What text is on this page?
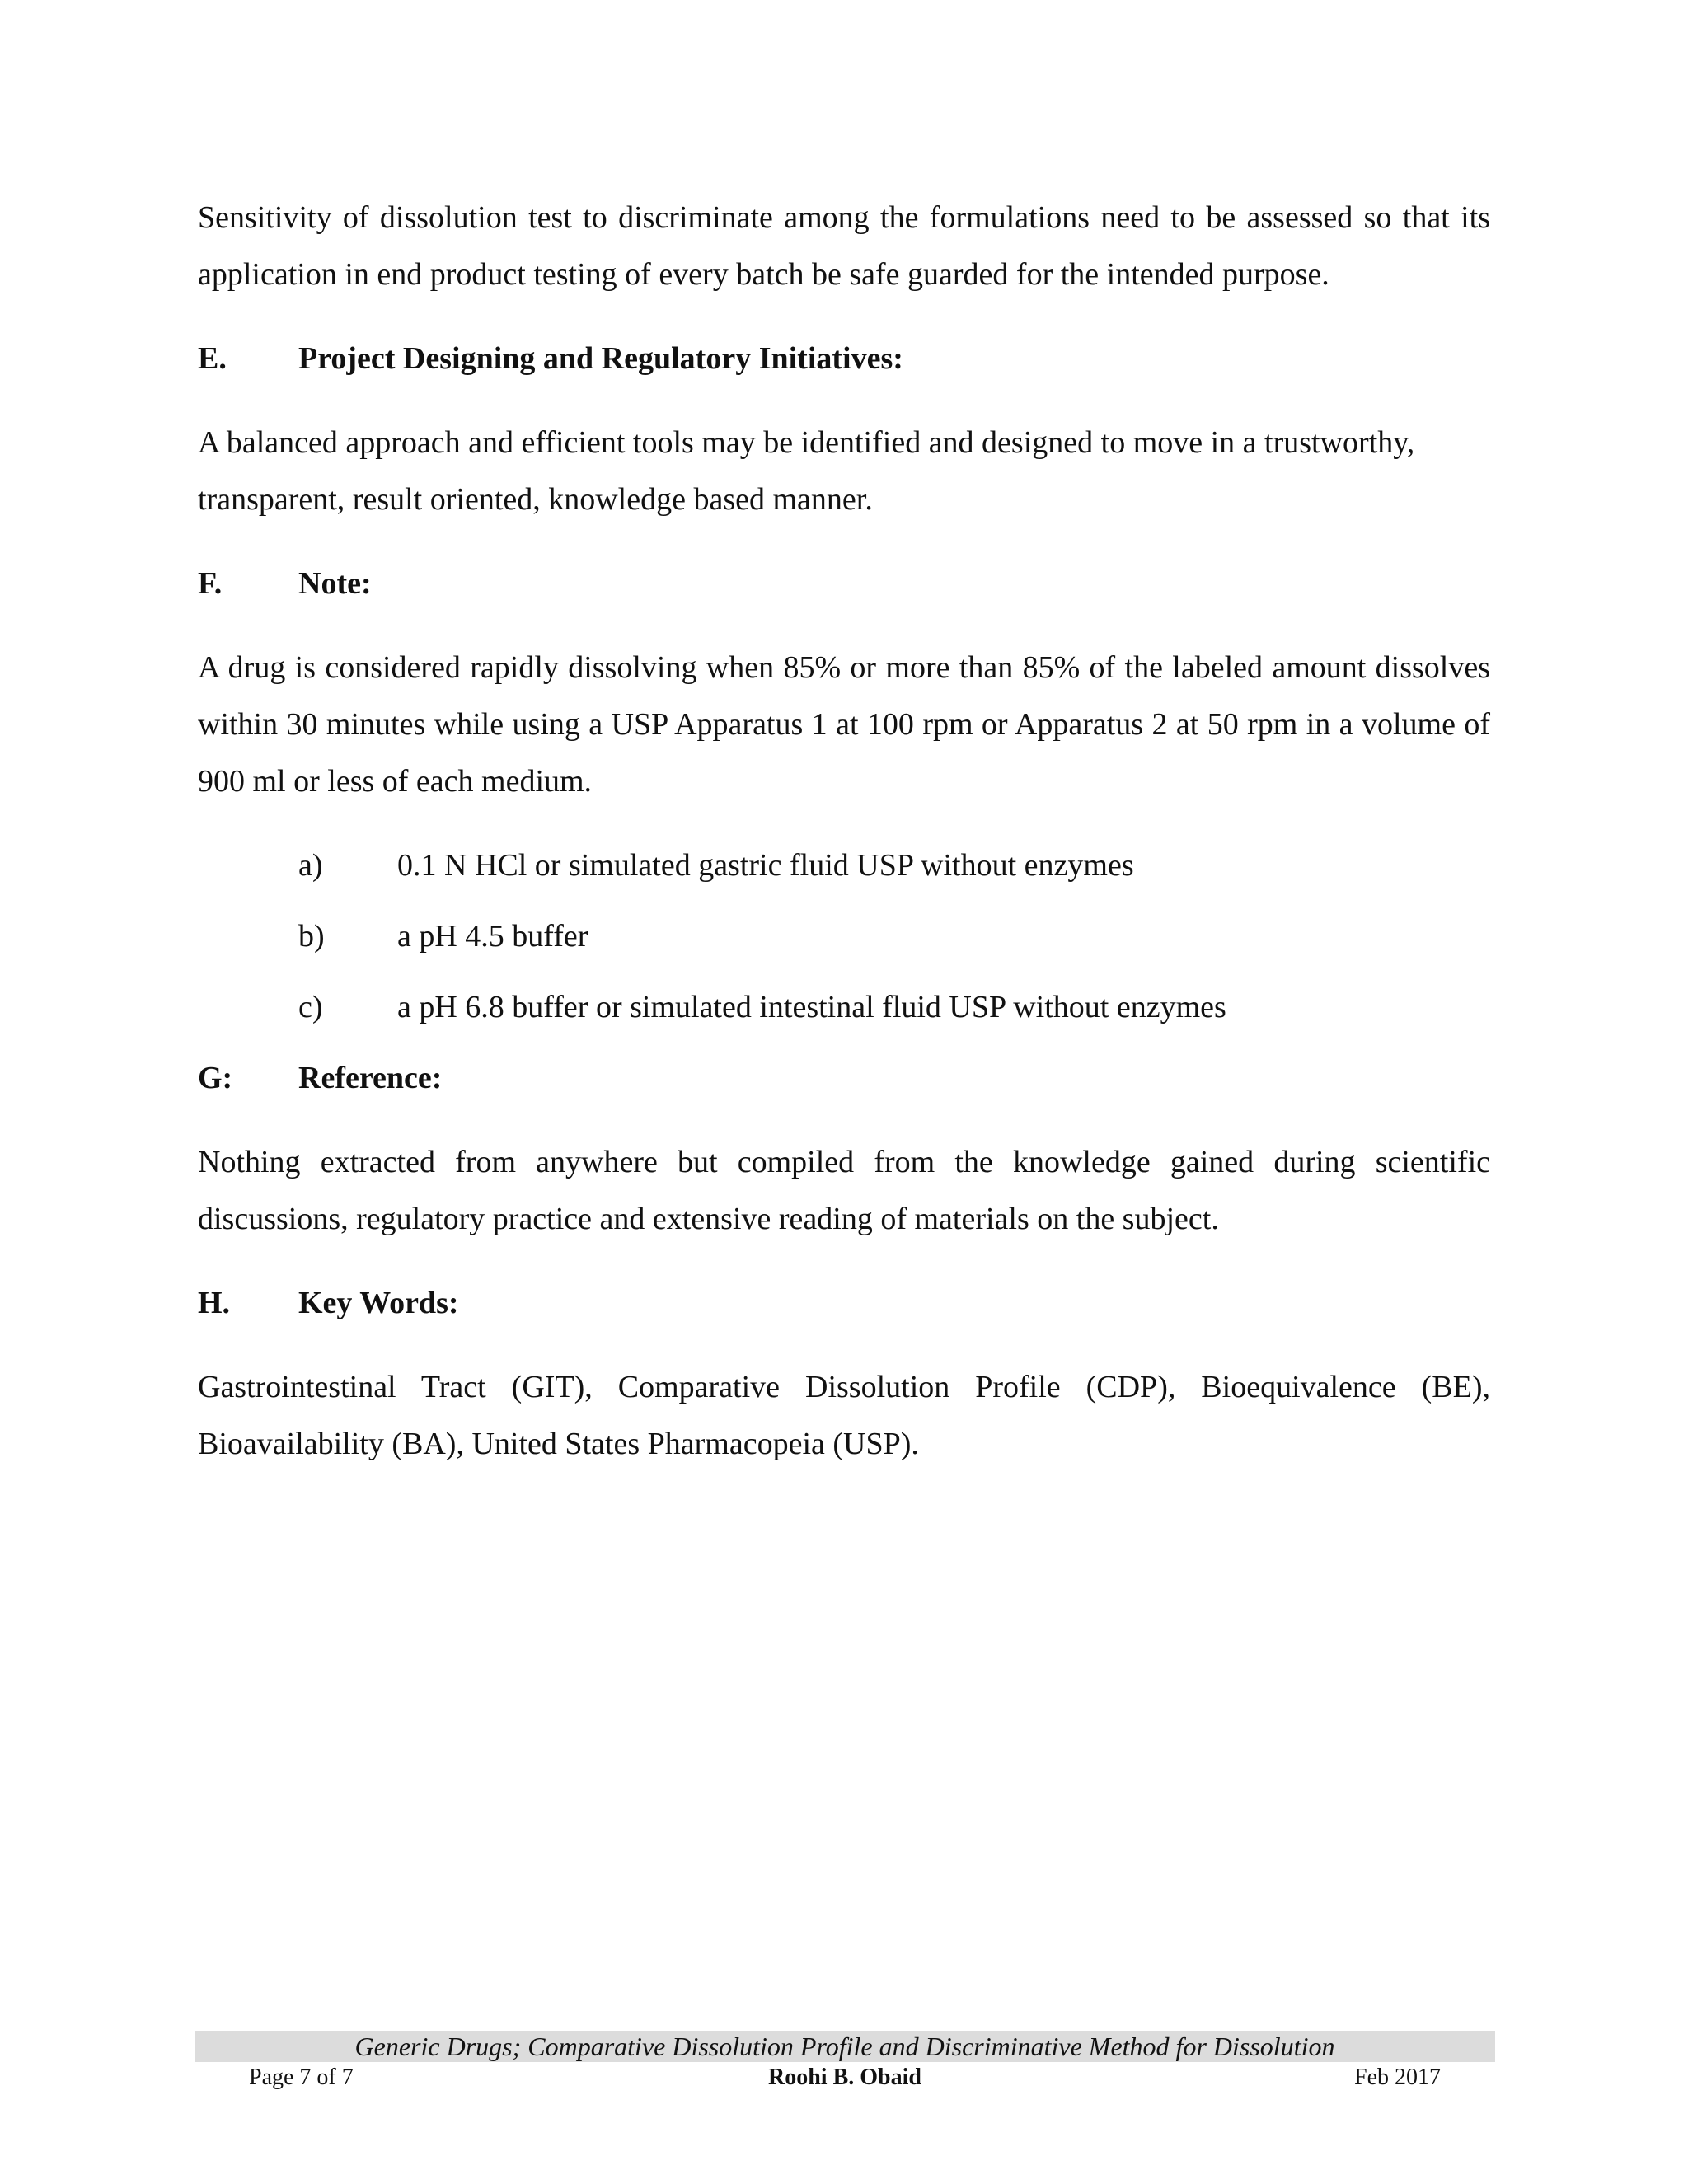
Sensitivity of dissolution test to discriminate among the formulations need to be assessed so that its application in end product testing of every batch be safe guarded for the intended purpose.

E.	Project Designing and Regulatory Initiatives:

A balanced approach and efficient tools may be identified and designed to move in a trustworthy, transparent, result oriented, knowledge based manner.

F.	Note:

A drug is considered rapidly dissolving when 85% or more than 85% of the labeled amount dissolves within 30 minutes while using a USP Apparatus 1 at 100 rpm or Apparatus 2 at 50 rpm in a volume of 900 ml or less of each medium.

a)	0.1 N HCl or simulated gastric fluid USP without enzymes
b)	a pH 4.5 buffer
c)	a pH 6.8 buffer or simulated intestinal fluid USP without enzymes
G:	Reference:

Nothing extracted from anywhere but compiled from the knowledge gained during scientific discussions, regulatory practice and extensive reading of materials on the subject.

H.	Key Words:

Gastrointestinal Tract (GIT), Comparative Dissolution Profile (CDP), Bioequivalence (BE), Bioavailability (BA), United States Pharmacopeia (USP).

Generic Drugs; Comparative Dissolution Profile and Discriminative Method for Dissolution
Roohi B. Obaid
Page 7 of 7	Feb 2017
